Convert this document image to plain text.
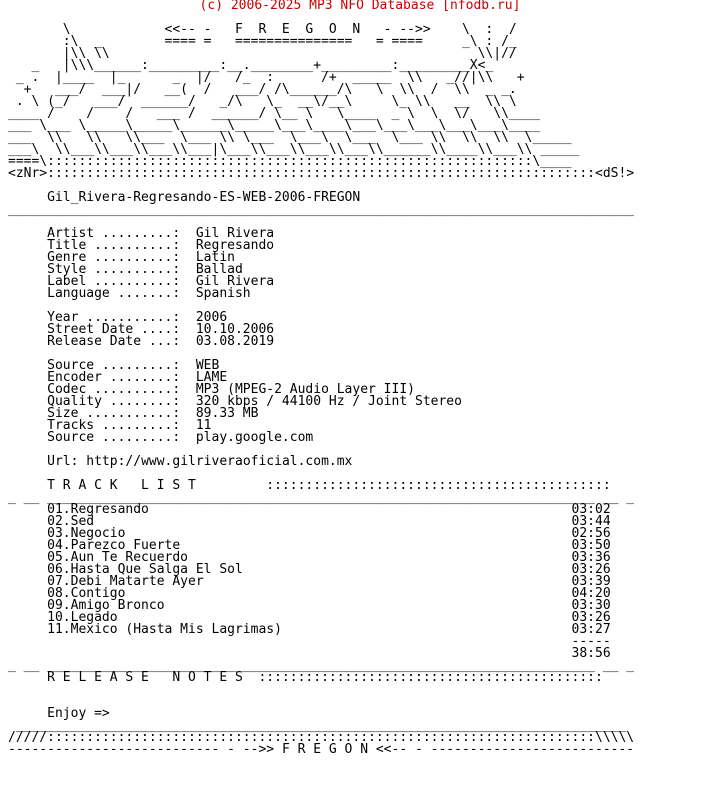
(c) 2006-2025 MP3 NFO Database [nfodb.ru]
\            <<-- -   F  R  E  G  O  N   - -->>    \  :  /
:\  _        ==== =   ===============   = ====     _\ : /_
|\\ \\                                               \\|//
_   |\\\______:_________:__.________+_________:_________X<_
_ .  |____  |_      _  |/   /_  :      /+  _____  \\   _//|\\   +
+   ___/  ___|/   __(  /   ___/ /\______/\   \  \\  /  \\  _ _.
. \ (_/   ___/  ______/   _/\   \_  __\/__\     \_ \\   __  \\ \
____ /    /    /   ___ /  ______/ \__ \   \____  _ \  \  \/   \\____
___ \___ \_____\_____\______\_____\___\____\___\___\___\___\___\____
___  \\   \\   \\___  \___ \\ \___  \___\  \___  \___ \\  \\  \\  \_____
___\  \\___\\___\\___\\___|\___\\___\\___\\___\\______\\____\\___\\ _____
====\::::::::::::::::::::::::::::::::::::::::::::::::::::::::::::::\____
<zNr>::::::::::::::::::::::::::::::::::::::::::::::::::::::::::::::::::::::<dS!>

Gil_Rivera-Regresando-ES-WEB-2006-FREGON
________________________________________________________________________________

Artist .........:  Gil Rivera
Title ..........:  Regresando
Genre ..........:  Latin
Style ..........:  Ballad
Label ..........:  Gil Rivera
Language .......:  Spanish

Year ...........:  2006
Street Date ....:  10.10.2006
Release Date ...:  03.08.2019

Source .........:  WEB
Encoder ........:  LAME
Codec ..........:  MP3 (MPEG-2 Audio Layer III)
Quality ........:  320 kbps / 44100 Hz / Joint Stereo
Size ...........:  89.33 MB
Tracks .........:  11
Source .........:  play.google.com

Url: http://www.gilriveraoficial.com.mx

T R A C K   L I S T         ::::::::::::::::::::::::::::::::::::::::::::
_ __ ______________________________________________________________________ __ _
01.Regresando                                                      03:02
02.Sed                                                             03:44
03.Negocio                                                         02:56
04.Parezco Fuerte                                                  03:50
05.Aun Te Recuerdo                                                 03:36
06.Hasta Que Salga El Sol                                          03:26
07.Debi Matarte Ayer                                               03:39
08.Contigo                                                         04:20
09.Amigo Bronco                                                    03:30
10.Legado                                                          03:26
11.Mexico (Hasta Mis Lagrimas)                                     03:27
-----
38:56
_ __ ______________________________________________________________________ __ _
R E L E A S E   N O T E S  ::::::::::::::::::::::::::::::::::::::::::::

Enjoy =>
______________________________________________________________________________
/////::::::::::::::::::::::::::::::::::::::::::::::::::::::::::::::::::::::\\\\\
--------------------------- - -->> F R E G O N <<-- - --------------------------
